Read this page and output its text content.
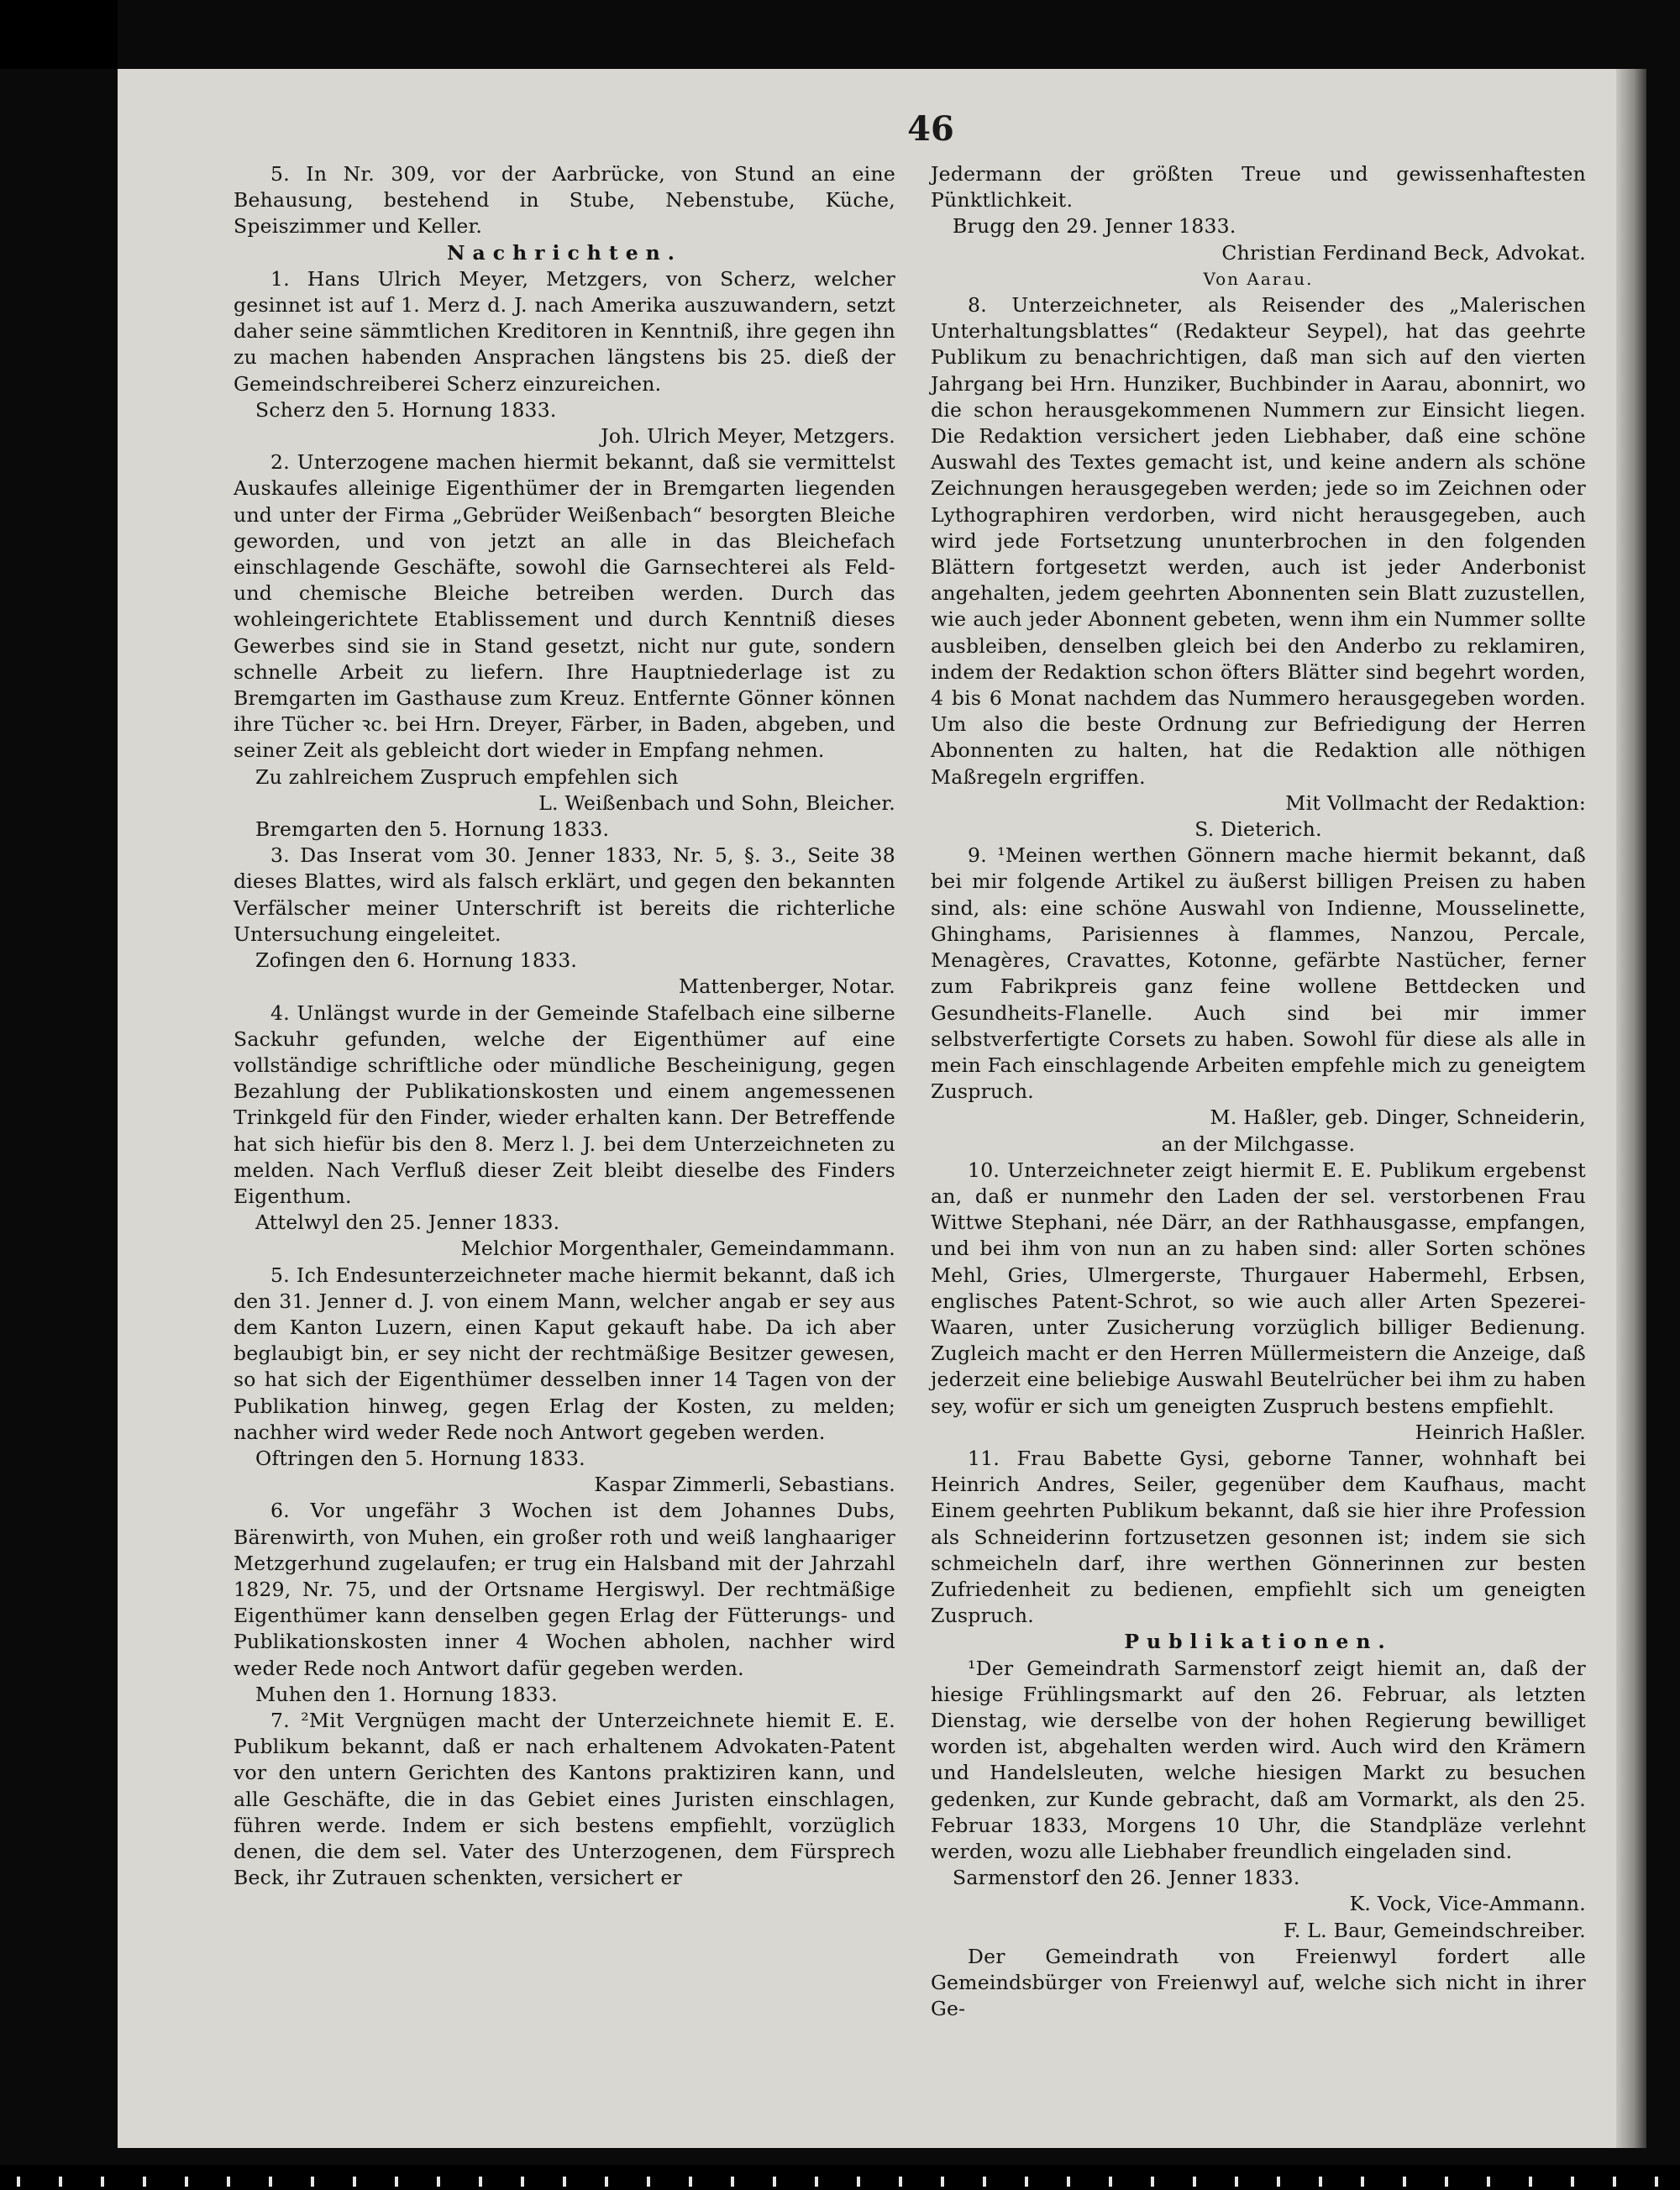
46

5. In Nr. 309, vor der Aarbrücke, von Stund an eine Behausung, bestehend in Stube, Nebenstube, Küche, Speiszimmer und Keller.

Nachrichten.

1. Hans Ulrich Meyer, Metzgers, von Scherz, welcher gesinnet ist auf 1. Merz d. J. nach Amerika auszuwandern, setzt daher seine sämmtlichen Kreditoren in Kenntniß, ihre gegen ihn zu machen habenden Ansprachen längstens bis 25. dieß der Gemeindschreiberei Scherz einzureichen.

Scherz den 5. Hornung 1833.

Joh. Ulrich Meyer, Metzgers.

2. Unterzogene machen hiermit bekannt, daß sie vermittelst Auskaufes alleinige Eigenthümer der in Bremgarten liegenden und unter der Firma „Gebrüder Weißenbach“ besorgten Bleiche geworden, und von jetzt an alle in das Bleichefach einschlagende Geschäfte, sowohl die Garnsechterei als Feld- und chemische Bleiche betreiben werden. Durch das wohleingerichtete Etablissement und durch Kenntniß dieses Gewerbes sind sie in Stand gesetzt, nicht nur gute, sondern schnelle Arbeit zu liefern. Ihre Hauptniederlage ist zu Bremgarten im Gasthause zum Kreuz. Entfernte Gönner können ihre Tücher ꝛc. bei Hrn. Dreyer, Färber, in Baden, abgeben, und seiner Zeit als gebleicht dort wieder in Empfang nehmen.

Zu zahlreichem Zuspruch empfehlen sich

L. Weißenbach und Sohn, Bleicher.

Bremgarten den 5. Hornung 1833.

3. Das Inserat vom 30. Jenner 1833, Nr. 5, §. 3., Seite 38 dieses Blattes, wird als falsch erklärt, und gegen den bekannten Verfälscher meiner Unterschrift ist bereits die richterliche Untersuchung eingeleitet.

Zofingen den 6. Hornung 1833.

Mattenberger, Notar.

4. Unlängst wurde in der Gemeinde Stafelbach eine silberne Sackuhr gefunden, welche der Eigenthümer auf eine vollständige schriftliche oder mündliche Bescheinigung, gegen Bezahlung der Publikationskosten und einem angemessenen Trinkgeld für den Finder, wieder erhalten kann. Der Betreffende hat sich hiefür bis den 8. Merz l. J. bei dem Unterzeichneten zu melden. Nach Verfluß dieser Zeit bleibt dieselbe des Finders Eigenthum.

Attelwyl den 25. Jenner 1833.

Melchior Morgenthaler, Gemeindammann.

5. Ich Endesunterzeichneter mache hiermit bekannt, daß ich den 31. Jenner d. J. von einem Mann, welcher angab er sey aus dem Kanton Luzern, einen Kaput gekauft habe. Da ich aber beglaubigt bin, er sey nicht der rechtmäßige Besitzer gewesen, so hat sich der Eigenthümer desselben inner 14 Tagen von der Publikation hinweg, gegen Erlag der Kosten, zu melden; nachher wird weder Rede noch Antwort gegeben werden.

Oftringen den 5. Hornung 1833.

Kaspar Zimmerli, Sebastians.

6. Vor ungefähr 3 Wochen ist dem Johannes Dubs, Bärenwirth, von Muhen, ein großer roth und weiß langhaariger Metzgerhund zugelaufen; er trug ein Halsband mit der Jahrzahl 1829, Nr. 75, und der Ortsname Hergiswyl. Der rechtmäßige Eigenthümer kann denselben gegen Erlag der Fütterungs- und Publikationskosten inner 4 Wochen abholen, nachher wird weder Rede noch Antwort dafür gegeben werden.

Muhen den 1. Hornung 1833.

7. ²Mit Vergnügen macht der Unterzeichnete hiemit E. E. Publikum bekannt, daß er nach erhaltenem Advokaten-Patent vor den untern Gerichten des Kantons praktiziren kann, und alle Geschäfte, die in das Gebiet eines Juristen einschlagen, führen werde. Indem er sich bestens empfiehlt, vorzüglich denen, die dem sel. Vater des Unterzogenen, dem Fürsprech Beck, ihr Zutrauen schenkten, versichert er

Jedermann der größten Treue und gewissenhaftesten Pünktlichkeit.

Brugg den 29. Jenner 1833.

Christian Ferdinand Beck, Advokat.

Von Aarau.

8. Unterzeichneter, als Reisender des „Malerischen Unterhaltungsblattes“ (Redakteur Seypel), hat das geehrte Publikum zu benachrichtigen, daß man sich auf den vierten Jahrgang bei Hrn. Hunziker, Buchbinder in Aarau, abonnirt, wo die schon herausgekommenen Nummern zur Einsicht liegen. Die Redaktion versichert jeden Liebhaber, daß eine schöne Auswahl des Textes gemacht ist, und keine andern als schöne Zeichnungen herausgegeben werden; jede so im Zeichnen oder Lythographiren verdorben, wird nicht herausgegeben, auch wird jede Fortsetzung ununterbrochen in den folgenden Blättern fortgesetzt werden, auch ist jeder Anderbonist angehalten, jedem geehrten Abonnenten sein Blatt zuzustellen, wie auch jeder Abonnent gebeten, wenn ihm ein Nummer sollte ausbleiben, denselben gleich bei den Anderbo zu reklamiren, indem der Redaktion schon öfters Blätter sind begehrt worden, 4 bis 6 Monat nachdem das Nummero herausgegeben worden. Um also die beste Ordnung zur Befriedigung der Herren Abonnenten zu halten, hat die Redaktion alle nöthigen Maßregeln ergriffen.

Mit Vollmacht der Redaktion:

S. Dieterich.

9. ¹Meinen werthen Gönnern mache hiermit bekannt, daß bei mir folgende Artikel zu äußerst billigen Preisen zu haben sind, als: eine schöne Auswahl von Indienne, Mousselinette, Ghinghams, Parisiennes à flammes, Nanzou, Percale, Menagères, Cravattes, Kotonne, gefärbte Nastücher, ferner zum Fabrikpreis ganz feine wollene Bettdecken und Gesundheits-Flanelle. Auch sind bei mir immer selbstverfertigte Corsets zu haben. Sowohl für diese als alle in mein Fach einschlagende Arbeiten empfehle mich zu geneigtem Zuspruch.

M. Haßler, geb. Dinger, Schneiderin,

an der Milchgasse.

10. Unterzeichneter zeigt hiermit E. E. Publikum ergebenst an, daß er nunmehr den Laden der sel. verstorbenen Frau Wittwe Stephani, née Därr, an der Rathhausgasse, empfangen, und bei ihm von nun an zu haben sind: aller Sorten schönes Mehl, Gries, Ulmergerste, Thurgauer Habermehl, Erbsen, englisches Patent-Schrot, so wie auch aller Arten Spezerei-Waaren, unter Zusicherung vorzüglich billiger Bedienung. Zugleich macht er den Herren Müllermeistern die Anzeige, daß jederzeit eine beliebige Auswahl Beutelrücher bei ihm zu haben sey, wofür er sich um geneigten Zuspruch bestens empfiehlt.

Heinrich Haßler.

11. Frau Babette Gysi, geborne Tanner, wohnhaft bei Heinrich Andres, Seiler, gegenüber dem Kaufhaus, macht Einem geehrten Publikum bekannt, daß sie hier ihre Profession als Schneiderinn fortzusetzen gesonnen ist; indem sie sich schmeicheln darf, ihre werthen Gönnerinnen zur besten Zufriedenheit zu bedienen, empfiehlt sich um geneigten Zuspruch.

Publikationen.

¹Der Gemeindrath Sarmenstorf zeigt hiemit an, daß der hiesige Frühlingsmarkt auf den 26. Februar, als letzten Dienstag, wie derselbe von der hohen Regierung bewilliget worden ist, abgehalten werden wird. Auch wird den Krämern und Handelsleuten, welche hiesigen Markt zu besuchen gedenken, zur Kunde gebracht, daß am Vormarkt, als den 25. Februar 1833, Morgens 10 Uhr, die Standpläze verlehnt werden, wozu alle Liebhaber freundlich eingeladen sind.

Sarmenstorf den 26. Jenner 1833.

K. Vock, Vice-Ammann.

F. L. Baur, Gemeindschreiber.

Der Gemeindrath von Freienwyl fordert alle Gemeindsbürger von Freienwyl auf, welche sich nicht in ihrer Ge-
